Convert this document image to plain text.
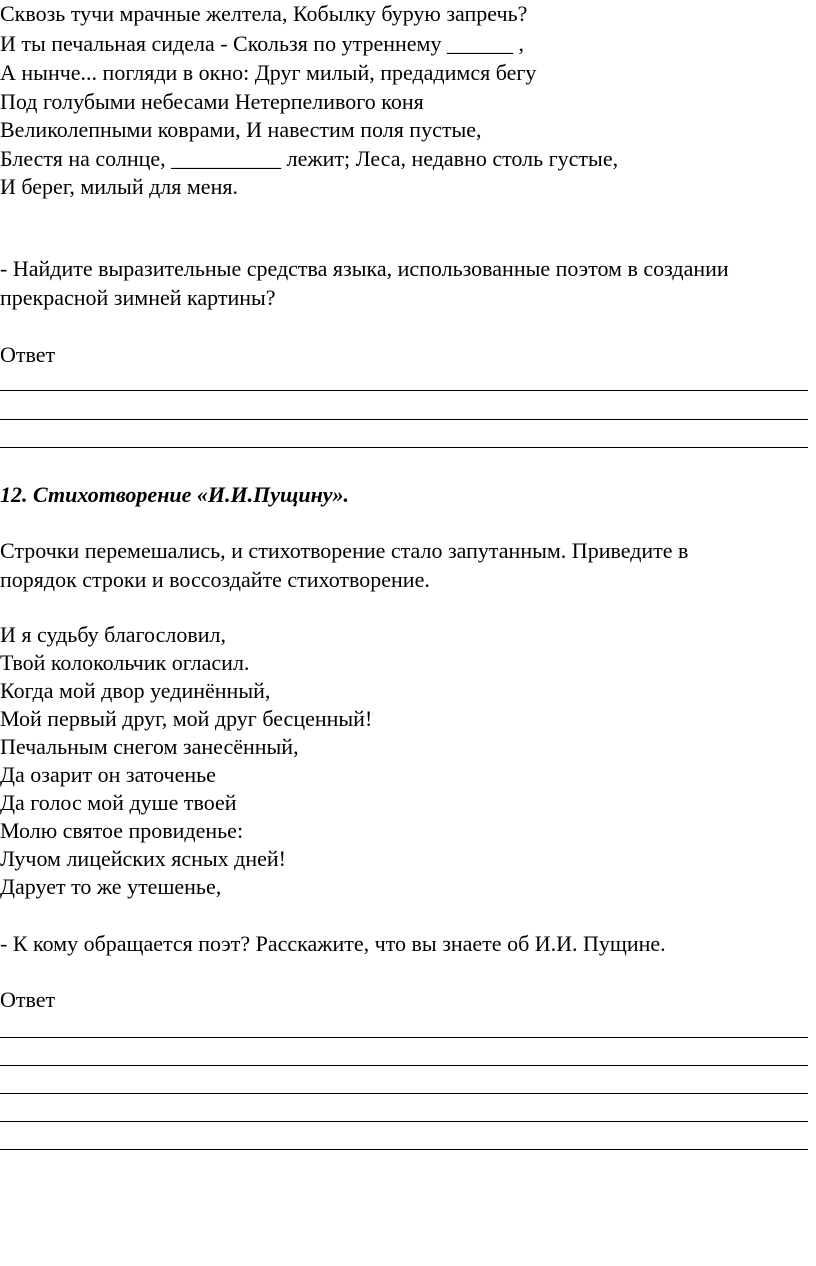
Сквозь тучи мрачные желтела, Кобылку бурую запречь?
И ты печальная сидела - Скользя по утреннему ______ ,
А нынче... погляди в окно: Друг милый, предадимся бегу
Под голубыми небесами Нетерпеливого коня
Великолепными коврами, И навестим поля пустые,
Блестя на солнце, __________ лежит; Леса, недавно столь густые,
И берег, милый для меня.
- Найдите выразительные средства языка, использованные поэтом в создании
прекрасной зимней картины?
Ответ
12. Стихотворение «И.И.Пущину».
Строчки перемешались, и стихотворение стало запутанным. Приведите в
порядок строки и воссоздайте стихотворение.
И я судьбу благословил,
Твой колокольчик огласил.
Когда мой двор уединённый,
Мой первый друг, мой друг бесценный!
Печальным снегом занесённый,
Да озарит он заточенье
Да голос мой душе твоей
Молю святое провиденье:
Лучом лицейских ясных дней!
Дарует то же утешенье,
- К кому обращается поэт? Расскажите, что вы знаете об И.И. Пущине.
Ответ
